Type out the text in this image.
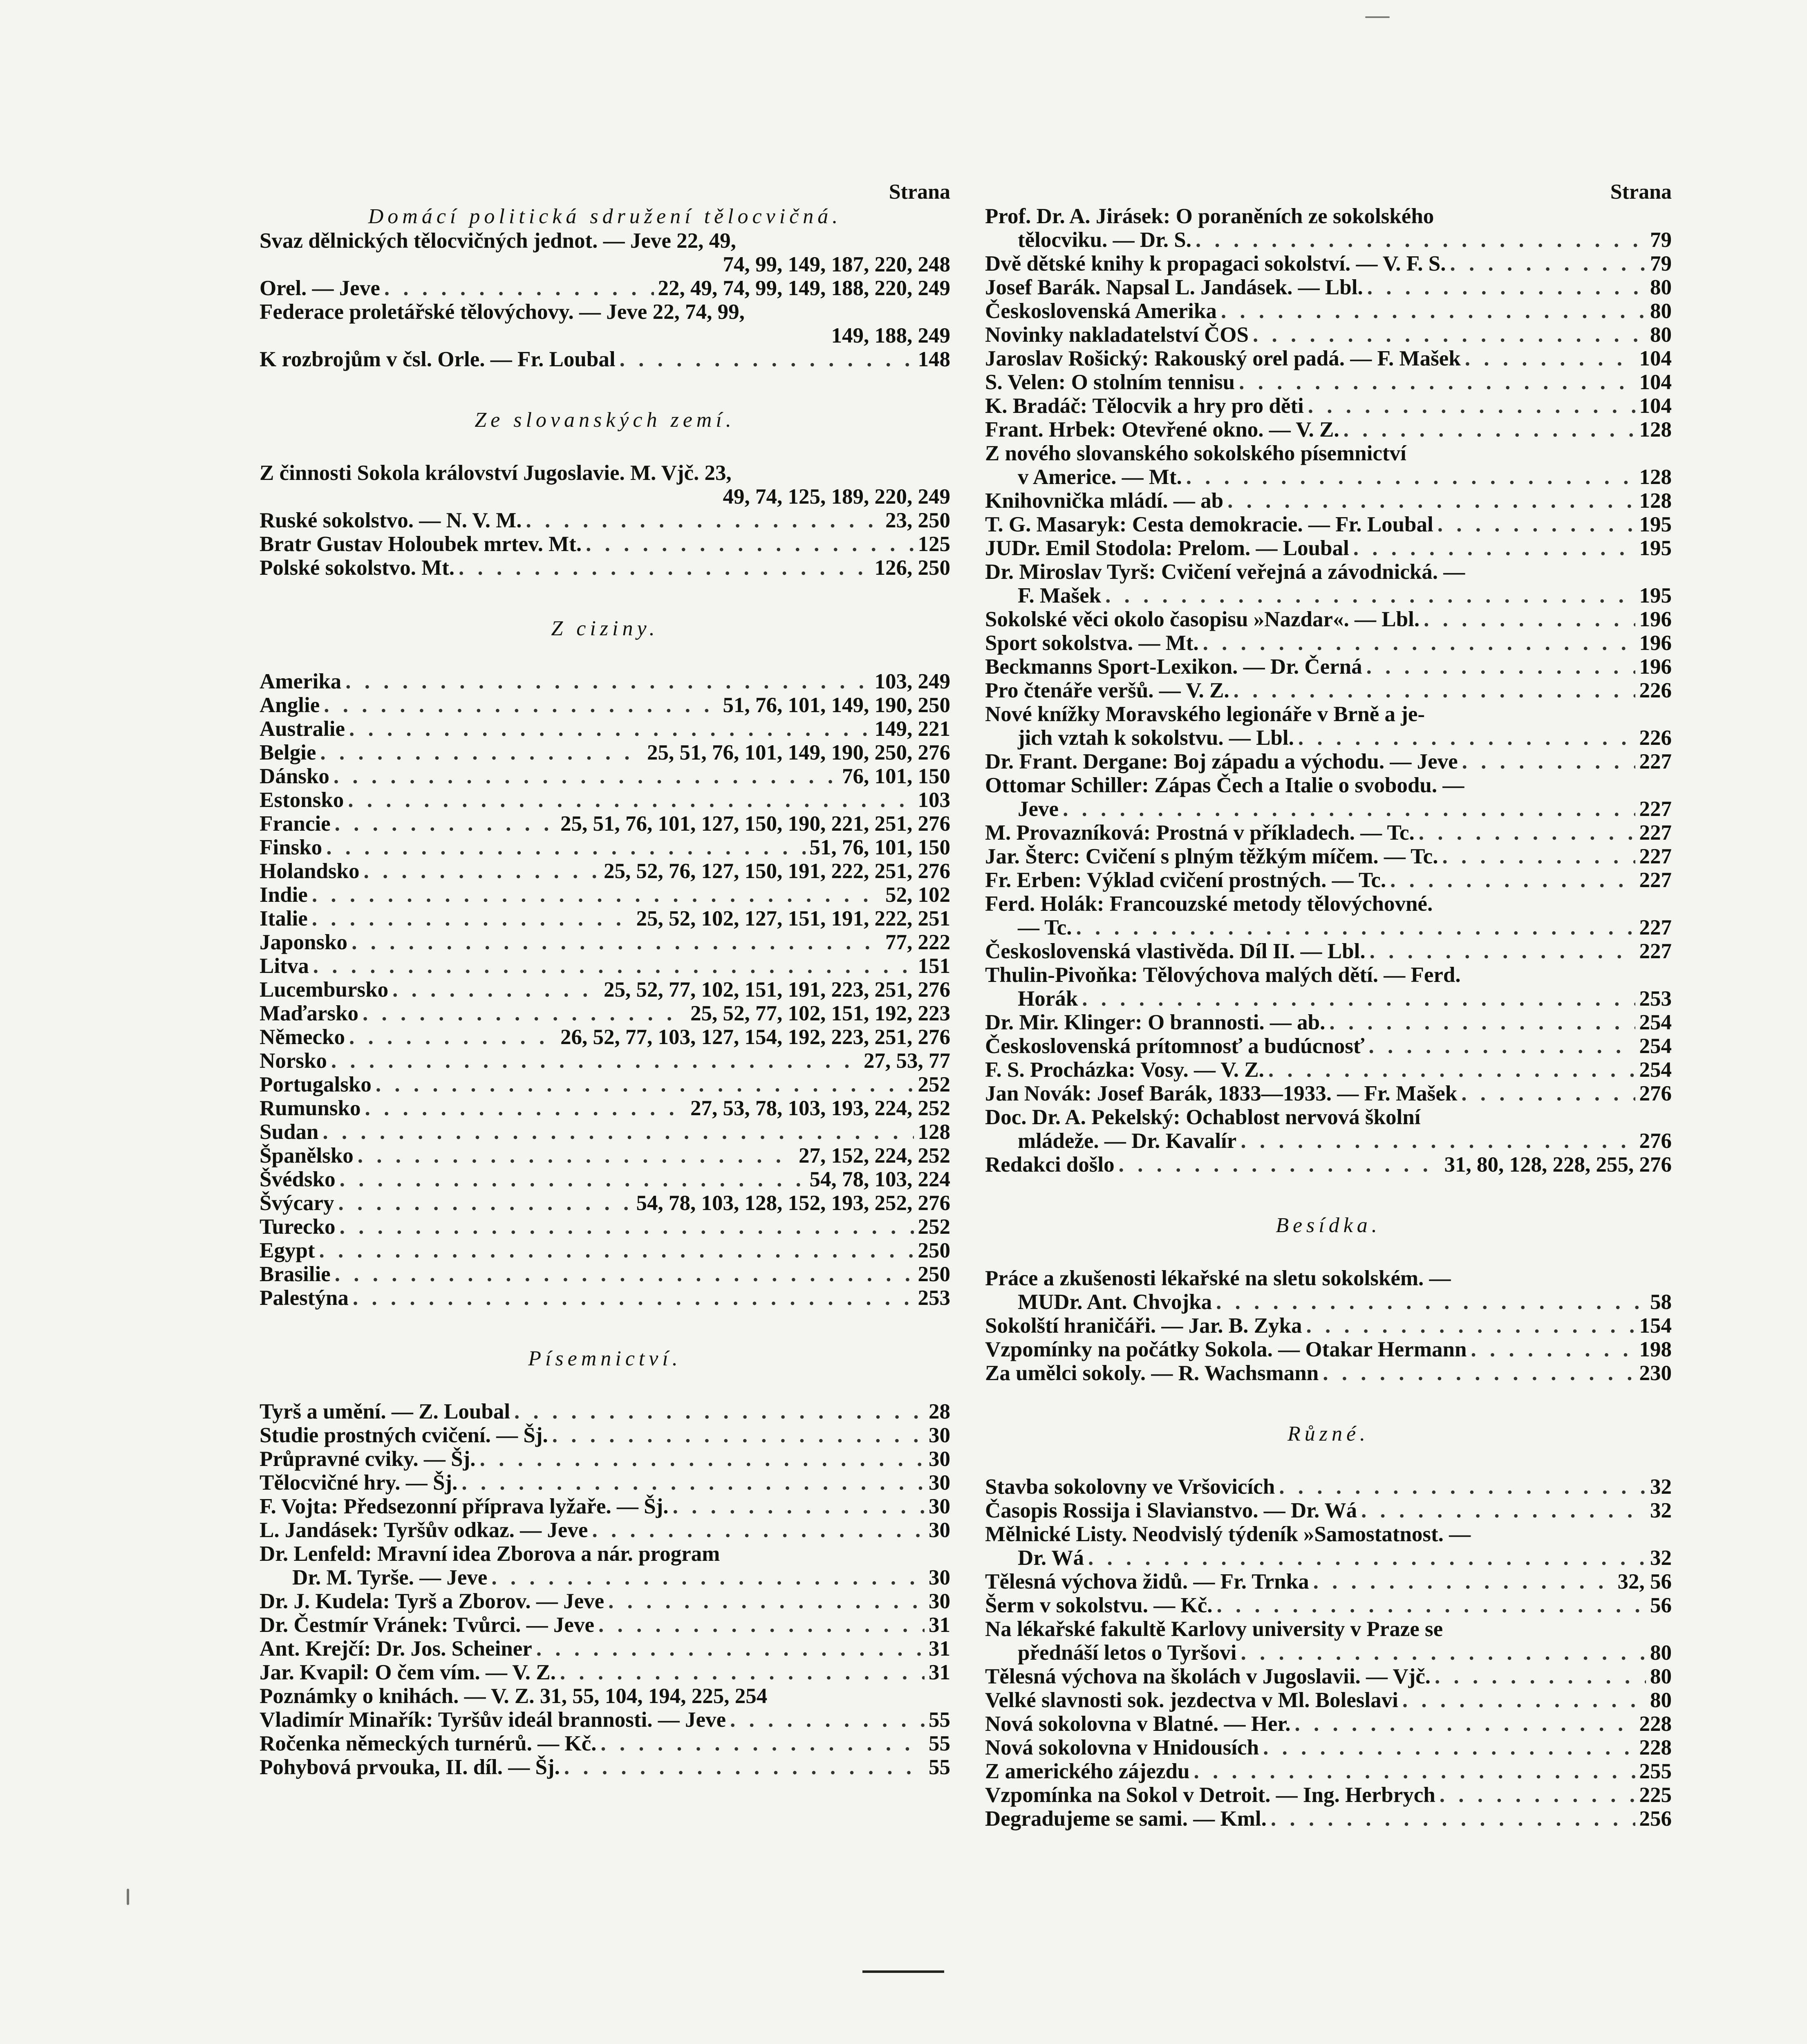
Strana
Domácí politická sdružení tělocvičná.
Svaz dělnických tělocvičných jednot. — Jeve 22, 49,
74, 99, 149, 187, 220, 248
Orel. — Jeve . . .	22, 49, 74, 99, 149, 188, 220, 249
Federace proletářské tělovýchovy. — Jeve 22, 74, 99,
149, 188, 249
K rozbrojům v čsl. Orle. — Fr. Loubal . . .	148
Ze slovanských zemí.
Z činnosti Sokola království Jugoslavie. M. Vjč. 23,
49, 74, 125, 189, 220, 249
Ruské sokolstvo. — N. V. M. . . .	23, 250
Bratr Gustav Holoubek mrtev. Mt. . . .	125
Polské sokolstvo. Mt. . . .	126, 250
Z ciziny.
Amerika . . .	103, 249
Anglie . . .	51, 76, 101, 149, 190, 250
Australie . . .	149, 221
Belgie . . .	25, 51, 76, 101, 149, 190, 250, 276
Dánsko . . .	76, 101, 150
Estonsko . . .	103
Francie . . .	25, 51, 76, 101, 127, 150, 190, 221, 251, 276
Finsko . . .	51, 76, 101, 150
Holandsko . . .	25, 52, 76, 127, 150, 191, 222, 251, 276
Indie . . .	52, 102
Italie . . .	25, 52, 102, 127, 151, 191, 222, 251
Japonsko . . .	77, 222
Litva . . .	151
Lucembursko . . .	25, 52, 77, 102, 151, 191, 223, 251, 276
Maďarsko . . .	25, 52, 77, 102, 151, 192, 223
Německo . . .	26, 52, 77, 103, 127, 154, 192, 223, 251, 276
Norsko . . .	27, 53, 77
Portugalsko . . .	252
Rumunsko . . .	27, 53, 78, 103, 193, 224, 252
Sudan . . .	128
Španělsko . . .	27, 152, 224, 252
Švédsko . . .	54, 78, 103, 224
Švýcary . . .	54, 78, 103, 128, 152, 193, 252, 276
Turecko . . .	252
Egypt . . .	250
Brasilie . . .	250
Palestýna . . .	253
Písemnictví.
Tyrš a umění. — Z. Loubal . . .	28
Studie prostných cvičení. — Šj. . . .	30
Průpravné cviky. — Šj. . . .	30
Tělocvičné hry. — Šj. . . .	30
F. Vojta: Předsezonní příprava lyžaře. — Šj. . . .	30
L. Jandásek: Tyršův odkaz. — Jeve . . .	30
Dr. Lenfeld: Mravní idea Zborova a nár. program
Dr. M. Tyrše. — Jeve . . .	30
Dr. J. Kudela: Tyrš a Zborov. — Jeve . . .	30
Dr. Čestmír Vránek: Tvůrci. — Jeve . . .	31
Ant. Krejčí: Dr. Jos. Scheiner . . .	31
Jar. Kvapil: O čem vím. — V. Z. . . .	31
Poznámky o knihách. — V. Z. 31, 55, 104, 194, 225, 254
Vladimír Minařík: Tyršův ideál brannosti. — Jeve . . .	55
Ročenka německých turnérů. — Kč. . . .	55
Pohybová prvouka, II. díl. — Šj. . . .	55
Strana
Prof. Dr. A. Jirásek: O poraněních ze sokolského
tělocviku. — Dr. S. . . .	79
Dvě dětské knihy k propagaci sokolství. — V. F. S. . . .	79
Josef Barák. Napsal L. Jandásek. — Lbl. . . .	80
Československá Amerika . . .	80
Novinky nakladatelství ČOS . . .	80
Jaroslav Rošický: Rakouský orel padá. — F. Mašek . . .	104
S. Velen: O stolním tennisu . . .	104
K. Bradáč: Tělocvik a hry pro děti . . .	104
Frant. Hrbek: Otevřené okno. — V. Z. . . .	128
Z nového slovanského sokolského písemnictví
v Americe. — Mt. . . .	128
Knihovnička mládí. — ab . . .	128
T. G. Masaryk: Cesta demokracie. — Fr. Loubal . . .	195
JUDr. Emil Stodola: Prelom. — Loubal . . .	195
Dr. Miroslav Tyrš: Cvičení veřejná a závodnická. —
F. Mašek . . .	195
Sokolské věci okolo časopisu »Nazdar«. — Lbl. . . .	196
Sport sokolstva. — Mt. . . .	196
Beckmanns Sport-Lexikon. — Dr. Černá . . .	196
Pro čtenáře veršů. — V. Z. . . .	226
Nové knížky Moravského legionáře v Brně a je-
jich vztah k sokolstvu. — Lbl. . . .	226
Dr. Frant. Dergane: Boj západu a východu. — Jeve . . .	227
Ottomar Schiller: Zápas Čech a Italie o svobodu. —
Jeve . . .	227
M. Provazníková: Prostná v příkladech. — Tc. . . .	227
Jar. Šterc: Cvičení s plným těžkým míčem. — Tc. . . .	227
Fr. Erben: Výklad cvičení prostných. — Tc. . . .	227
Ferd. Holák: Francouzské metody tělovýchovné.
— Tc. . . .	227
Československá vlastivěda. Díl II. — Lbl. . . .	227
Thulin-Pivoňka: Tělovýchova malých dětí. — Ferd.
Horák . . .	253
Dr. Mir. Klinger: O brannosti. — ab. . . .	254
Československá prítomnosť a budúcnosť . . .	254
F. S. Procházka: Vosy. — V. Z. . . .	254
Jan Novák: Josef Barák, 1833—1933. — Fr. Mašek . . .	276
Doc. Dr. A. Pekelský: Ochablost nervová školní
mládeže. — Dr. Kavalír . . .	276
Redakci došlo . . .	31, 80, 128, 228, 255, 276
Besídka.
Práce a zkušenosti lékařské na sletu sokolském. —
MUDr. Ant. Chvojka . . .	58
Sokolští hraničáři. — Jar. B. Zyka . . .	154
Vzpomínky na počátky Sokola. — Otakar Hermann . . .	198
Za umělci sokoly. — R. Wachsmann . . .	230
Různé.
Stavba sokolovny ve Vršovicích . . .	32
Časopis Rossija i Slavianstvo. — Dr. Wá . . .	32
Mělnické Listy. Neodvislý týdeník »Samostatnost. —
Dr. Wá . . .	32
Tělesná výchova židů. — Fr. Trnka . . .	32, 56
Šerm v sokolstvu. — Kč. . . .	56
Na lékařské fakultě Karlovy university v Praze se
přednáší letos o Tyršovi . . .	80
Tělesná výchova na školách v Jugoslavii. — Vjč. . . .	80
Velké slavnosti sok. jezdectva v Ml. Boleslavi . . .	80
Nová sokolovna v Blatné. — Her. . . .	228
Nová sokolovna v Hnidousích . . .	228
Z amerického zájezdu . . .	255
Vzpomínka na Sokol v Detroit. — Ing. Herbrych . . .	225
Degradujeme se sami. — Kml. . . .	256
